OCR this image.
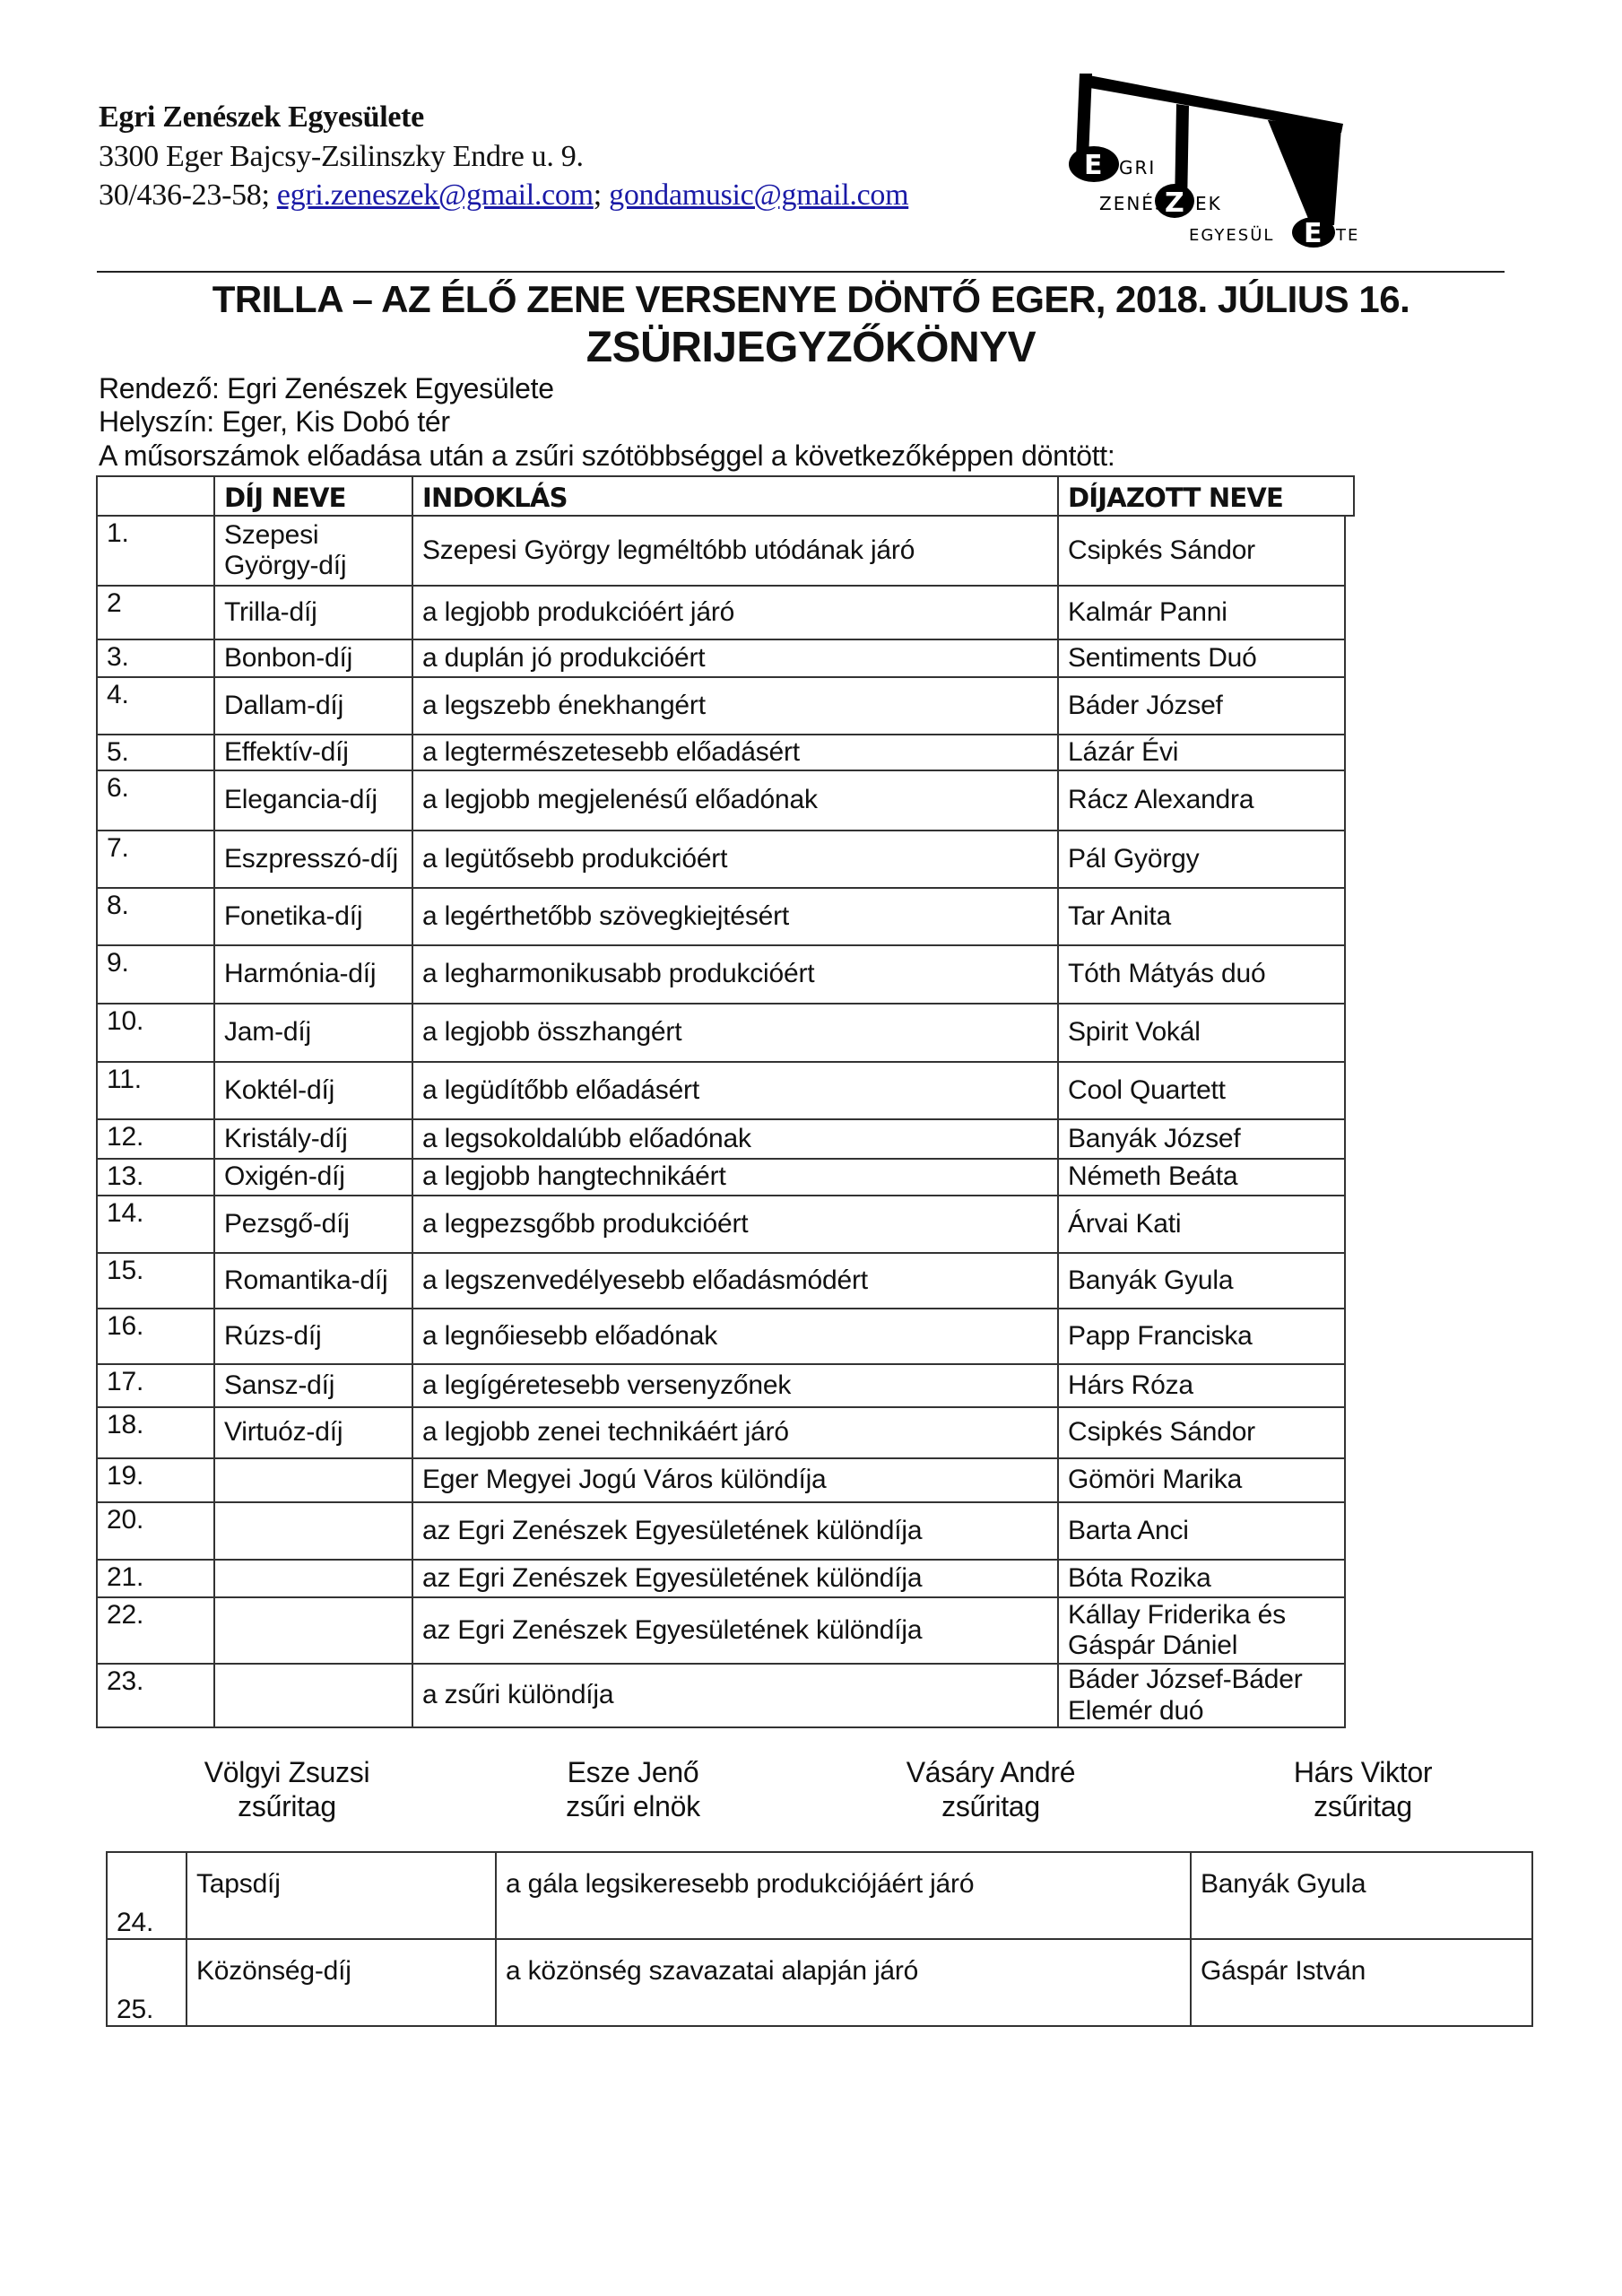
Egri Zenészek Egyesülete
3300 Eger Bajcsy-Zsilinszky Endre u. 9.
30/436-23-58; egri.zeneszek@gmail.com; gondamusic@gmail.com
E
Z
E
GRI
ZENÉS EK
EGYESÜL	TE
TRILLA – AZ ÉLŐ ZENE VERSENYE DÖNTŐ EGER, 2018. JÚLIUS 16.
ZSÜRIJEGYZŐKÖNYV
Rendező: Egri Zenészek Egyesülete
Helyszín: Eger, Kis Dobó tér
A műsorszámok előadása után a zsűri szótöbbséggel a következőképpen döntött:
DÍJ NEVE	INDOKLÁS	DÍJAZOTT NEVE
1.	Szepesi György-díj	Szepesi György legméltóbb utódának járó	Csipkés Sándor
2	Trilla-díj	a legjobb produkcióért járó	Kalmár Panni
3.	Bonbon-díj	a duplán jó produkcióért	Sentiments Duó
4.	Dallam-díj	a legszebb énekhangért	Báder József
5.	Effektív-díj	a legtermészetesebb előadásért	Lázár Évi
6.	Elegancia-díj	a legjobb megjelenésű előadónak	Rácz Alexandra
7.	Eszpresszó-díj	a legütősebb produkcióért	Pál György
8.	Fonetika-díj	a legérthetőbb szövegkiejtésért	Tar Anita
9.	Harmónia-díj	a legharmonikusabb produkcióért	Tóth Mátyás duó
10.	Jam-díj	a legjobb összhangért	Spirit Vokál
11.	Koktél-díj	a legüdítőbb előadásért	Cool Quartett
12.	Kristály-díj	a legsokoldalúbb előadónak	Banyák József
13.	Oxigén-díj	a legjobb hangtechnikáért	Németh Beáta
14.	Pezsgő-díj	a legpezsgőbb produkcióért	Árvai Kati
15.	Romantika-díj	a legszenvedélyesebb előadásmódért	Banyák Gyula
16.	Rúzs-díj	a legnőiesebb előadónak	Papp Franciska
17.	Sansz-díj	a legígéretesebb versenyzőnek	Hárs Róza
18.	Virtuóz-díj	a legjobb zenei technikáért járó	Csipkés Sándor
19.		Eger Megyei Jogú Város különdíja	Gömöri Marika
20.		az Egri Zenészek Egyesületének különdíja	Barta Anci
21.		az Egri Zenészek Egyesületének különdíja	Bóta Rozika
22.		az Egri Zenészek Egyesületének különdíja	Kállay Friderika és Gáspár Dániel
23.		a zsűri különdíja	Báder József-Báder Elemér duó
Völgyi Zsuzsi
zsűritag
Esze Jenő
zsűri elnök
Vásáry André
zsűritag
Hárs Viktor
zsűritag
24.	Tapsdíj	a gála legsikeresebb produkciójáért járó	Banyák Gyula
25.	Közönség-díj	a közönség szavazatai alapján járó	Gáspár István
